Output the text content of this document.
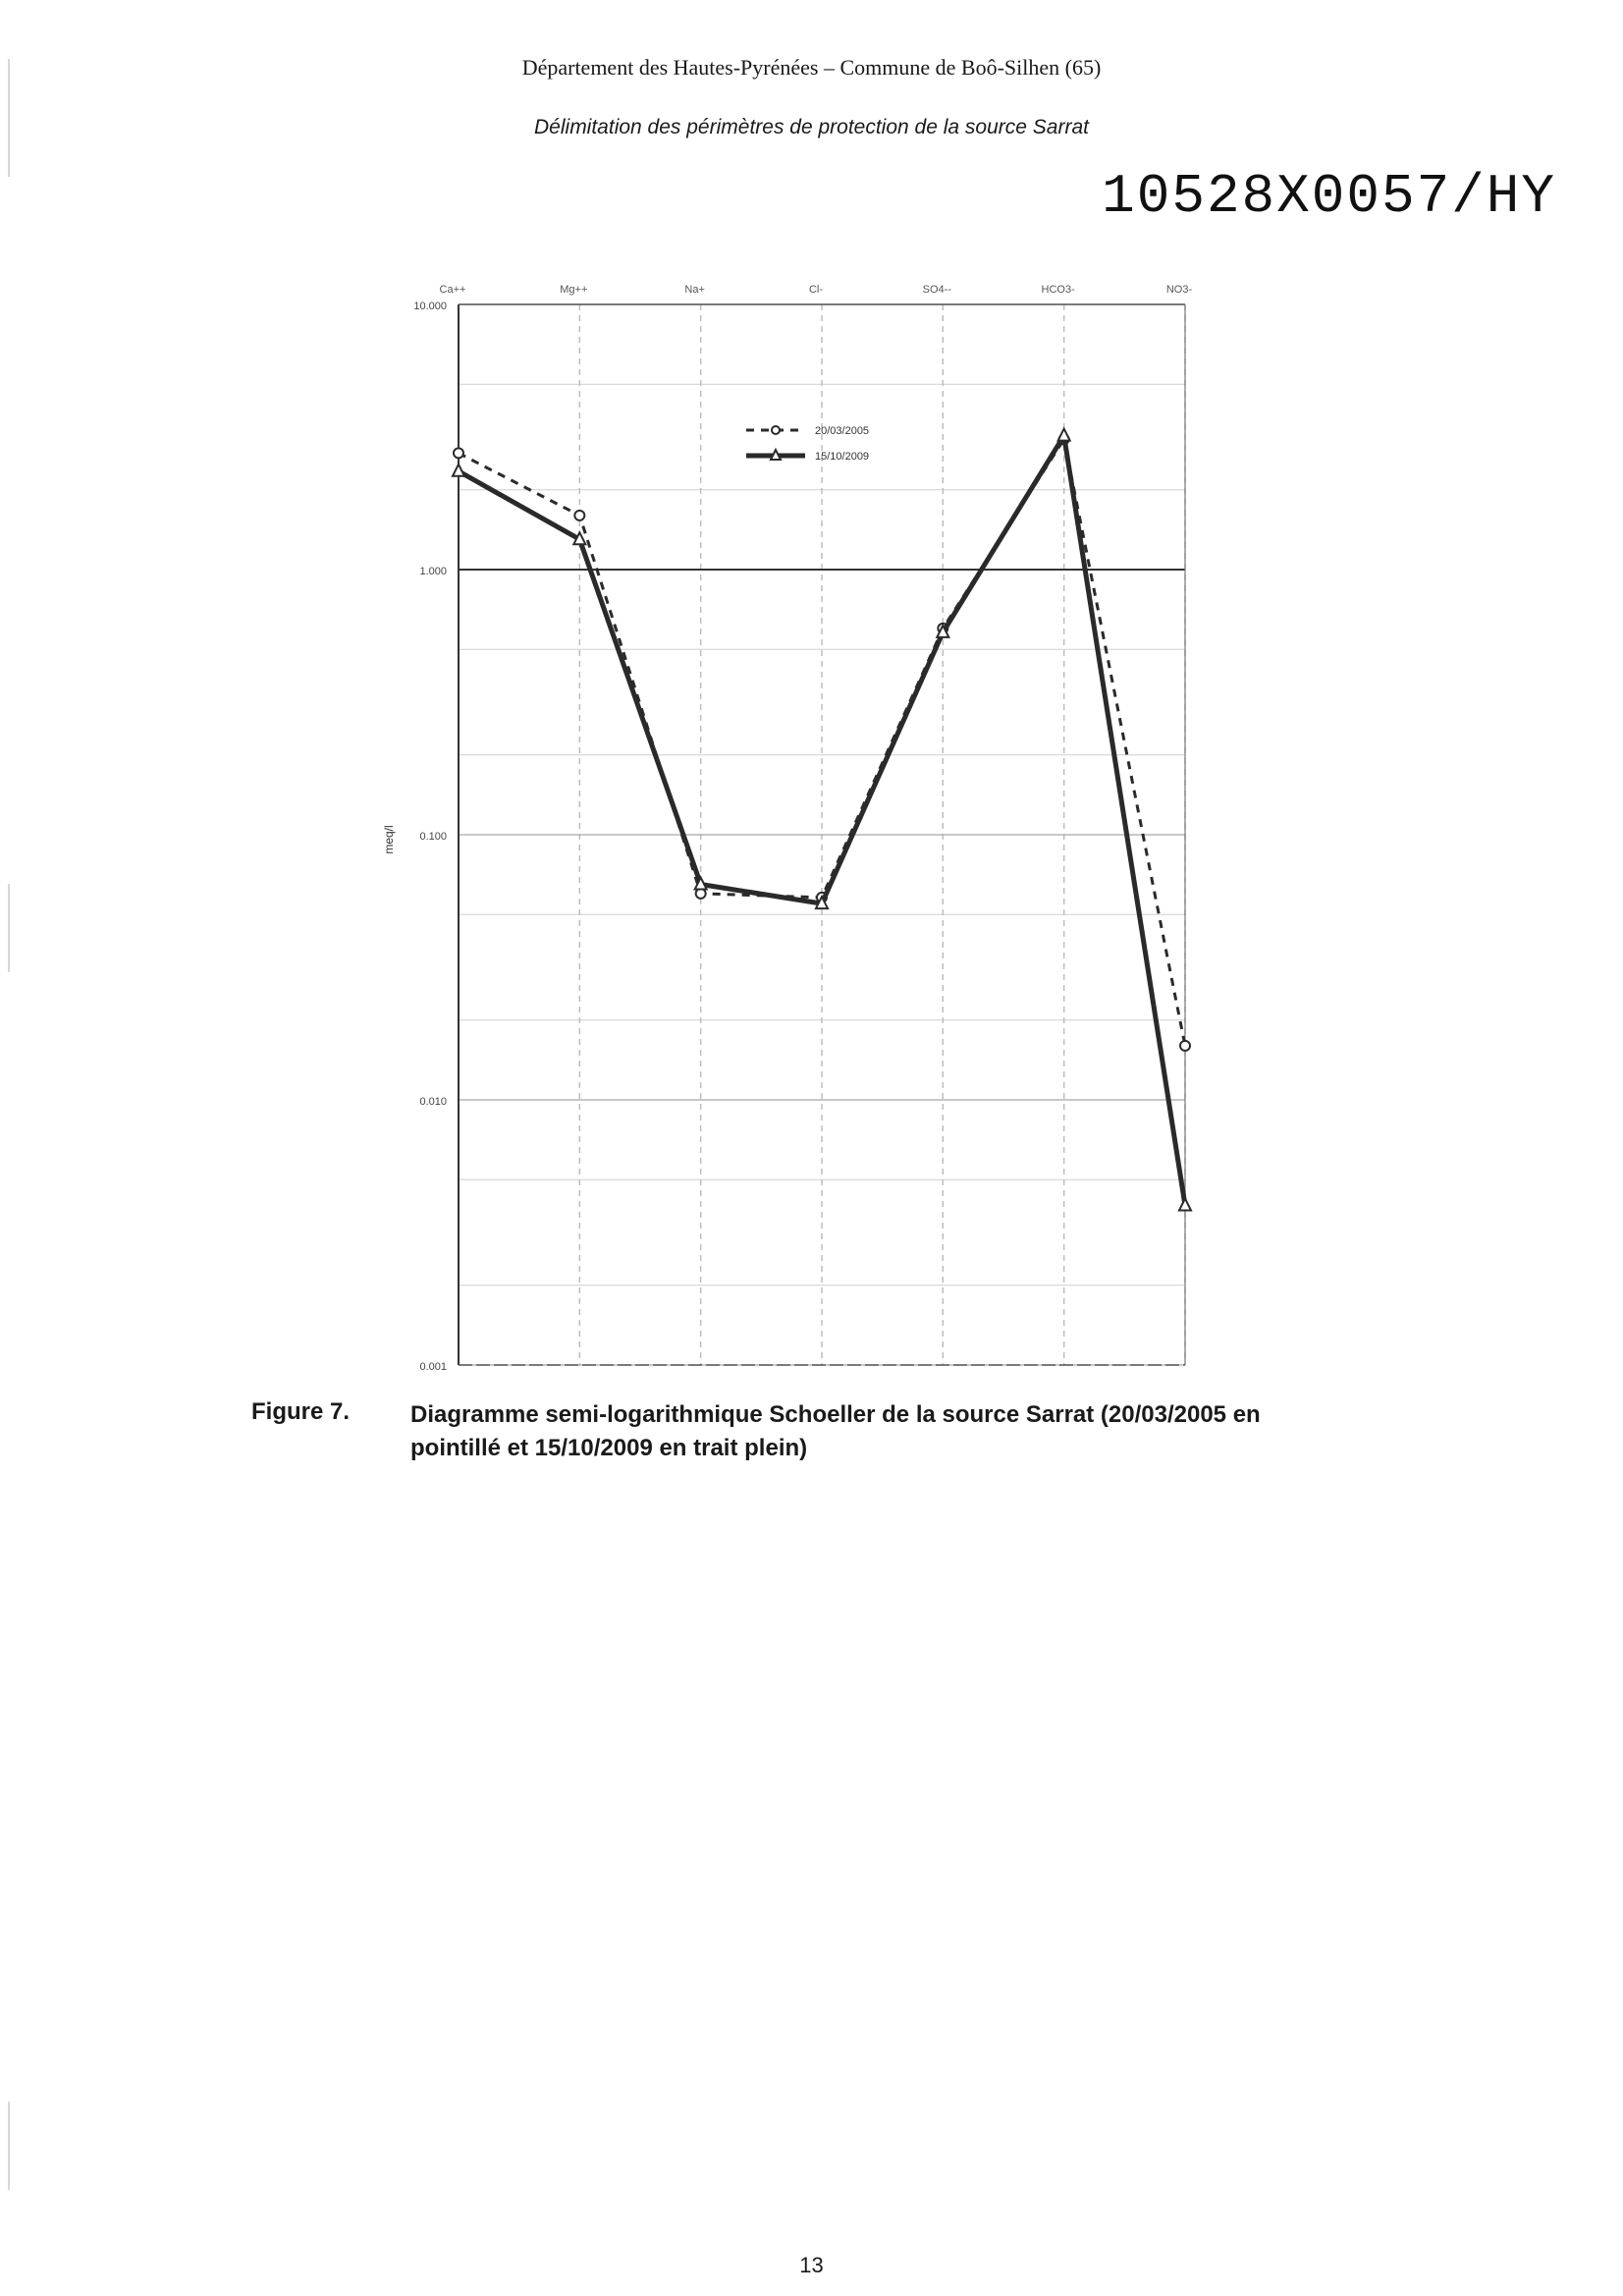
Département des Hautes-Pyrénées – Commune de Boô-Silhen (65)
Délimitation des périmètres de protection de la source Sarrat
10528X0057/HY
10.000
1.000
0.100
0.010
0.001
Ca++	Mg++	Na+	Cl-	SO4--	HCO3-	NO3-
meq/l
20/03/2005
15/10/2009
Figure 7.	Diagramme semi-logarithmique Schoeller de la source Sarrat (20/03/2005 en pointillé et 15/10/2009 en trait plein)
13
